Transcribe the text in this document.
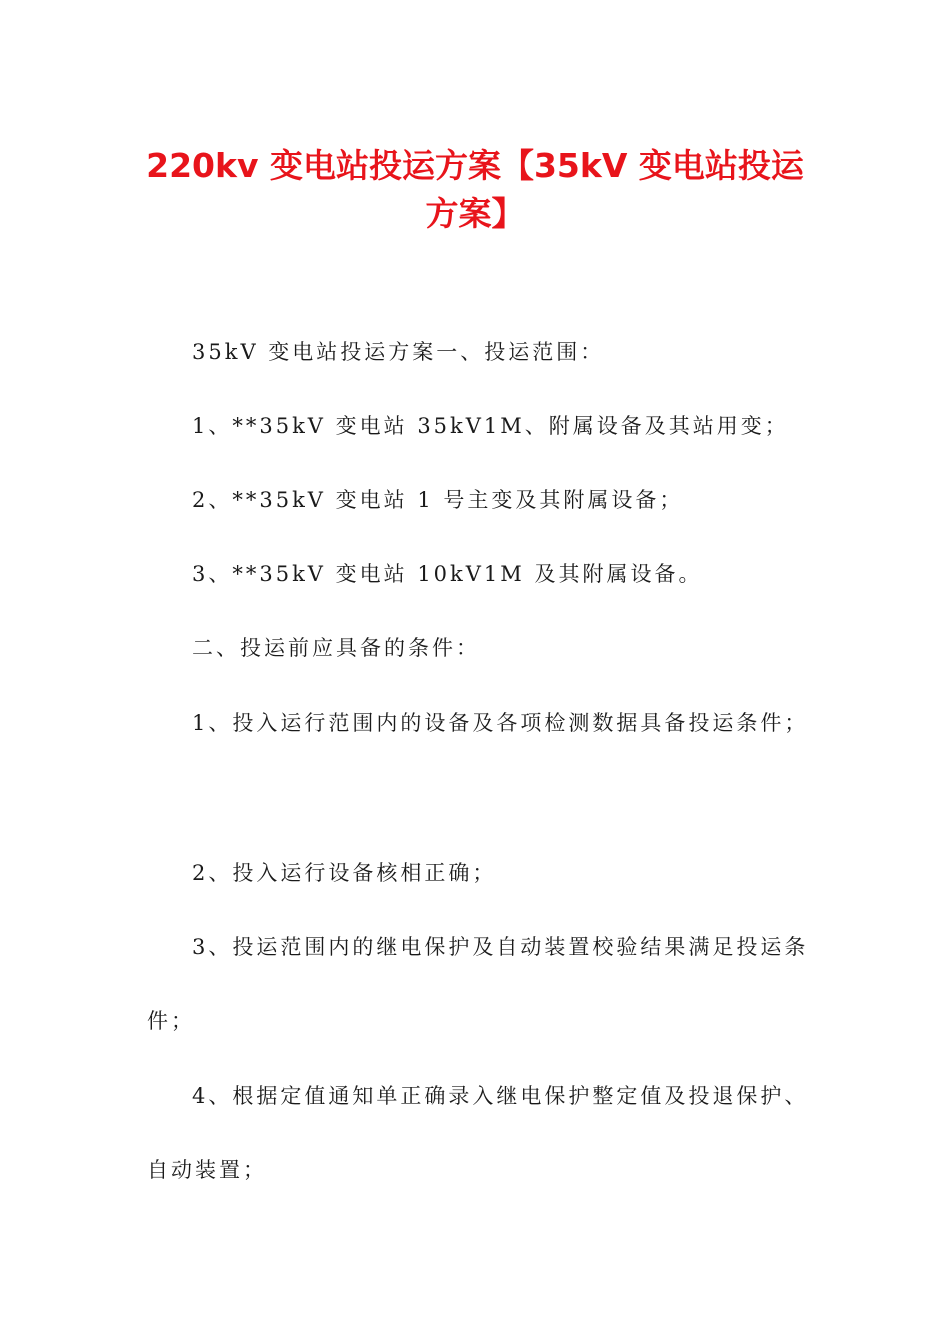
220kv 变电站投运方案【35kV 变电站投运
方案】

35kV 变电站投运方案一、投运范围：

1、**35kV 变电站 35kV1M、附属设备及其站用变；

2、**35kV 变电站 1 号主变及其附属设备；

3、**35kV 变电站 10kV1M 及其附属设备。

二、投运前应具备的条件：

1、投入运行范围内的设备及各项检测数据具备投运条件；

2、投入运行设备核相正确；

3、投运范围内的继电保护及自动装置校验结果满足投运条

件；

4、根据定值通知单正确录入继电保护整定值及投退保护、

自动装置；
